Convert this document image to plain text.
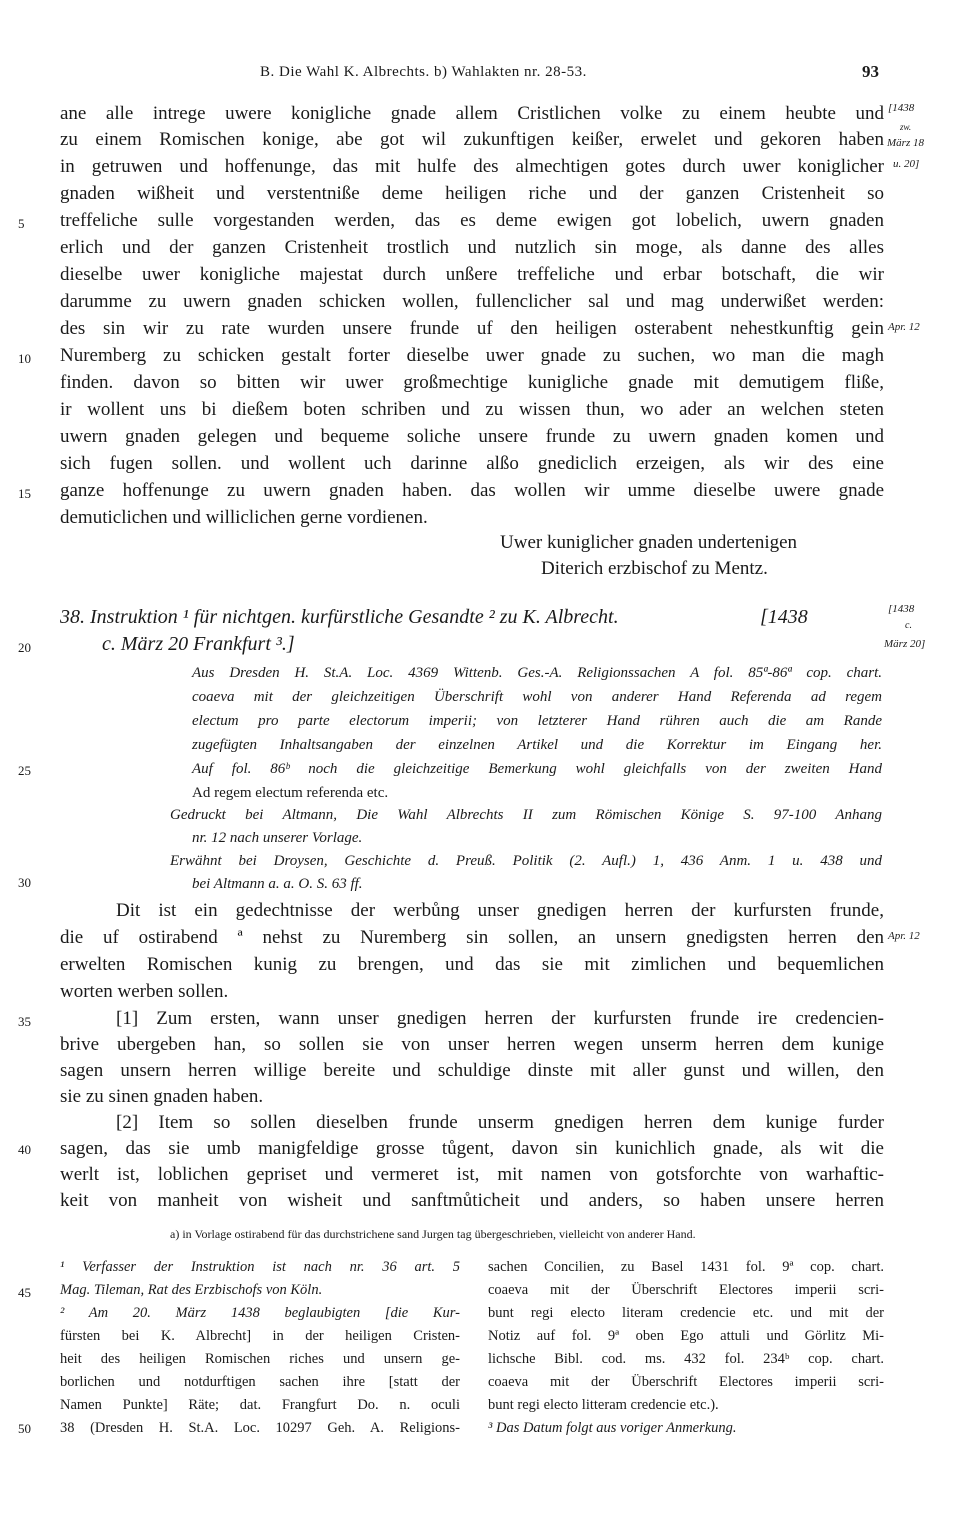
B. Die Wahl K. Albrechts. b) Wahlakten nr. 28-53.	93
ane alle intrege uwere konigliche gnade allem Cristlichen volke zu einem heubte und
zu einem Romischen konige, abe got wil zukunftigen keißer, erwelet und gekoren haben
in getruwen und hoffenunge, das mit hulfe des almechtigen gotes durch uwer koniglicher
gnaden wißheit und verstentniße deme heiligen riche und der ganzen Cristenheit so
treffeliche sulle vorgestanden werden, das es deme ewigen got lobelich, uwern gnaden
erlich und der ganzen Cristenheit trostlich und nutzlich sin moge, als danne des alles
dieselbe uwer konigliche majestat durch unßere treffeliche und erbar botschaft, die wir
darumme zu uwern gnaden schicken wollen, fullenclicher sal und mag underwißet werden:
des sin wir zu rate wurden unsere frunde uf den heiligen osterabent nehestkunftig gein
Nuremberg zu schicken gestalt forter dieselbe uwer gnade zu suchen, wo man die magh
finden. davon so bitten wir uwer großmechtige kunigliche gnade mit demutigem fliße,
ir wollent uns bi dießem boten schriben und zu wissen thun, wo ader an welchen steten
uwern gnaden gelegen und bequeme soliche unsere frunde zu uwern gnaden komen und
sich fugen sollen. und wollent uch darinne alßo gnediclich erzeigen, als wir des eine
ganze hoffenunge zu uwern gnaden haben. das wollen wir umme dieselbe uwere gnade
demuticlichen und williclichen gerne vordienen.
Uwer kuniglicher gnaden undertenigen
Diterich erzbischof zu Mentz.
[1438
zw.
März 18
u. 20]
Apr. 12
[1438
c.
März 20]
Apr. 12
5
10
15
20
25
30
35
40
45
50
38. Instruktion ¹ für nichtgen. kurfürstliche Gesandte ² zu K. Albrecht.	[1438
c. März 20 Frankfurt ³.]
Aus Dresden H. St.A. Loc. 4369 Wittenb. Ges.-A. Religionssachen A fol. 85ª-86ª cop. chart.
coaeva mit der gleichzeitigen Überschrift wohl von anderer Hand Referenda ad regem
electum pro parte electorum imperii; von letzterer Hand rühren auch die am Rande
zugefügten Inhaltsangaben der einzelnen Artikel und die Korrektur im Eingang her.
Auf fol. 86ᵇ noch die gleichzeitige Bemerkung wohl gleichfalls von der zweiten Hand
Ad regem electum referenda etc.
Gedruckt bei Altmann, Die Wahl Albrechts II zum Römischen Könige S. 97-100 Anhang
nr. 12 nach unserer Vorlage.
Erwähnt bei Droysen, Geschichte d. Preuß. Politik (2. Aufl.) 1, 436 Anm. 1 u. 438 und
bei Altmann a. a. O. S. 63 ff.
Dit ist ein gedechtnisse der werbůng unser gnedigen herren der kurfursten frunde,
die uf ostirabend ª nehst zu Nuremberg sin sollen, an unsern gnedigsten herren den
erwelten Romischen kunig zu brengen, und das sie mit zimlichen und bequemlichen
worten werben sollen.
[1] Zum ersten, wann unser gnedigen herren der kurfursten frunde ire credencien-
brive ubergeben han, so sollen sie von unser herren wegen unserm herren dem kunige
sagen unsern herren willige bereite und schuldige dinste mit aller gunst und willen, den
sie zu sinen gnaden haben.
[2] Item so sollen dieselben frunde unserm gnedigen herren dem kunige furder
sagen, das sie umb manigfeldige grosse tůgent, davon sin kunichlich gnade, als wit die
werlt ist, loblichen gepriset und vermeret ist, mit namen von gotsforchte von warhaftic-
keit von manheit von wisheit und sanftmůticheit und anders, so haben unsere herren
a) in Vorlage ostirabend für das durchstrichene sand Jurgen tag übergeschrieben, vielleicht von anderer Hand.
¹ Verfasser der Instruktion ist nach nr. 36 art. 5
Mag. Tileman, Rat des Erzbischofs von Köln.
² Am 20. März 1438 beglaubigten [die Kur-
fürsten bei K. Albrecht] in der heiligen Cristen-
heit des heiligen Romischen riches und unsern ge-
borlichen und notdurftigen sachen ihre [statt der
Namen Punkte] Räte; dat. Frangfurt Do. n. oculi
38 (Dresden H. St.A. Loc. 10297 Geh. A. Religions-
sachen Concilien, zu Basel 1431 fol. 9ª cop. chart.
coaeva mit der Überschrift Electores imperii scri-
bunt regi electo literam credencie etc. und mit der
Notiz auf fol. 9ª oben Ego attuli und Görlitz Mi-
lichsche Bibl. cod. ms. 432 fol. 234ᵇ cop. chart.
coaeva mit der Überschrift Electores imperii scri-
bunt regi electo litteram credencie etc.).
³ Das Datum folgt aus voriger Anmerkung.
